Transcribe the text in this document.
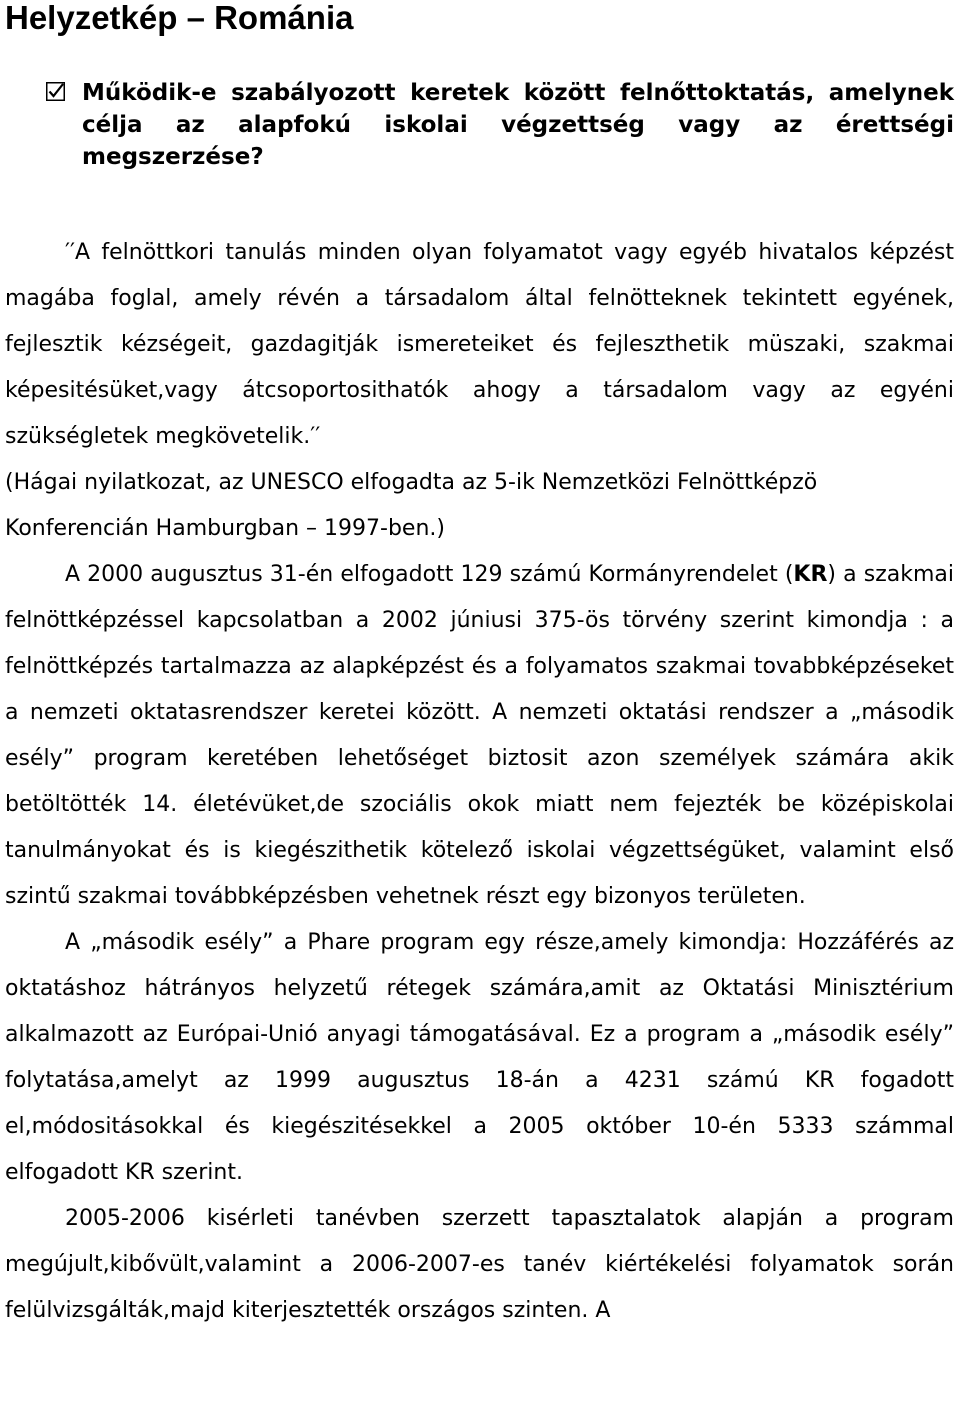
Helyzetkép – Románia
Működik-e szabályozott keretek között felnőttoktatás, amelynek célja az alapfokú iskolai végzettség vagy az érettségi megszerzése?

′′A felnöttkori tanulás minden olyan folyamatot vagy egyéb hivatalos képzést magába foglal, amely révén a társadalom által felnötteknek tekintett egyének, fejlesztik kézségeit, gazdagitják ismereteiket és fejleszthetik müszaki, szakmai képesitésüket,vagy átcsoportosithatók ahogy a társadalom vagy az egyéni szükségletek megkövetelik.′′

(Hágai nyilatkozat, az UNESCO elfogadta az 5-ik Nemzetközi Felnöttképzö Konferencián Hamburgban – 1997-ben.)

A 2000 augusztus 31-én elfogadott 129 számú Kormányrendelet (KR) a szakmai felnöttképzéssel kapcsolatban a 2002 júniusi 375-ös törvény szerint kimondja : a felnöttképzés tartalmazza az alapképzést és a folyamatos szakmai tovabbképzéseket a nemzeti oktatasrendszer keretei között. A nemzeti oktatási rendszer a „második esély” program keretében lehetőséget biztosit azon személyek számára akik betöltötték 14. életévüket,de szociális okok miatt nem fejezték be középiskolai tanulmányokat és is kiegészithetik kötelező iskolai végzettségüket, valamint első szintű szakmai továbbképzésben vehetnek részt egy bizonyos területen.

A „második esély” a Phare program egy része,amely kimondja: Hozzáférés az oktatáshoz hátrányos helyzetű rétegek számára,amit az Oktatási Minisztérium alkalmazott az Európai-Unió anyagi támogatásával. Ez a program a „második esély” folytatása,amelyt az 1999 augusztus 18-án a 4231 számú KR fogadott el,módositásokkal és kiegészitésekkel a 2005 október 10-én 5333 számmal elfogadott KR szerint.

2005-2006 kisérleti tanévben szerzett tapasztalatok alapján a program megújult,kibővült,valamint a 2006-2007-es tanév kiértékelési folyamatok során felülvizsgálták,majd kiterjesztették országos szinten. A
